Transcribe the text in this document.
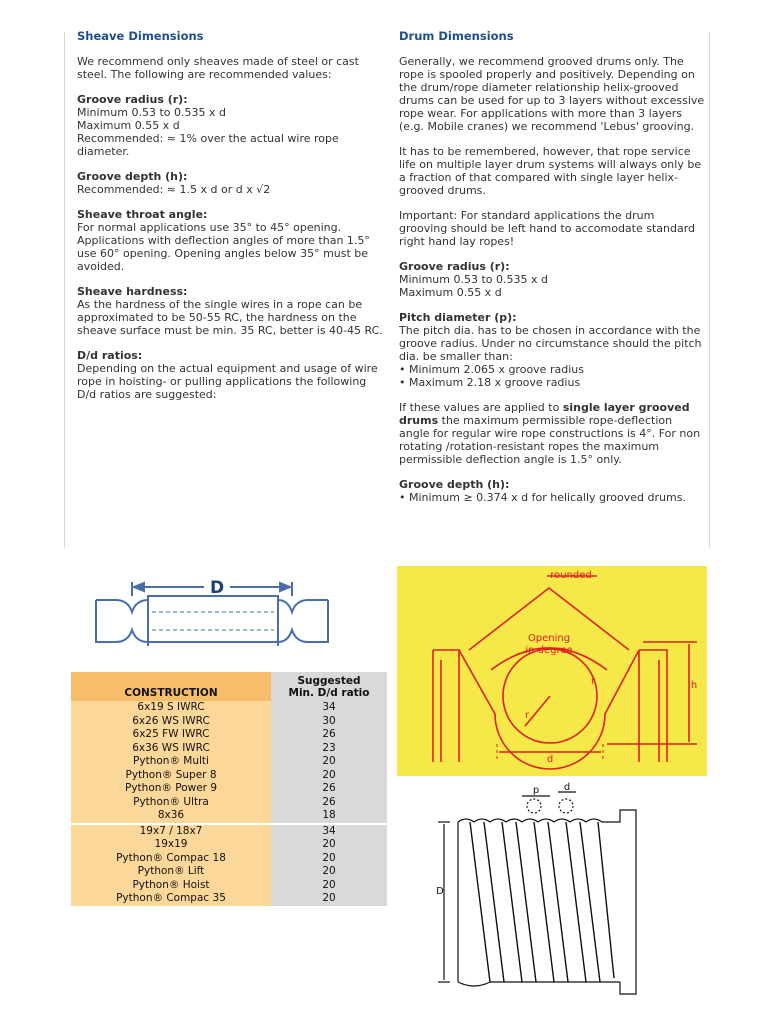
Sheave Dimensions

We recommend only sheaves made of steel or cast steel. The following are recommended values:

Groove radius (r):
Minimum 0.53 to 0.535 x d
Maximum 0.55 x d
Recommended: ≈ 1% over the actual wire rope diameter.

Groove depth (h):
Recommended: ≈ 1.5 x d or d x √2

Sheave throat angle:
For normal applications use 35° to 45° opening. Applications with deflection angles of more than 1.5° use 60° opening. Opening angles below 35° must be avoided.

Sheave hardness:
As the hardness of the single wires in a rope can be approximated to be 50-55 RC, the hardness on the sheave surface must be min. 35 RC, better is 40-45 RC.

D/d ratios:
Depending on the actual equipment and usage of wire rope in hoisting- or pulling applications the following D/d ratios are suggested:

Drum Dimensions

Generally, we recommend grooved drums only. The rope is spooled properly and positively. Depending on the drum/rope diameter relationship helix-grooved drums can be used for up to 3 layers without excessive rope wear. For applications with more than 3 layers (e.g. Mobile cranes) we recommend 'Lebus' grooving.

It has to be remembered, however, that rope service life on multiple layer drum systems will always only be a fraction of that compared with single layer helix-grooved drums.

Important: For standard applications the drum grooving should be left hand to accomodate standard right hand lay ropes!

Groove radius (r):
Minimum 0.53 to 0.535 x d
Maximum 0.55 x d

Pitch diameter (p):
The pitch dia. has to be chosen in accordance with the groove radius. Under no circumstance should the pitch dia. be smaller than:
• Minimum 2.065 x groove radius
• Maximum 2.18 x groove radius

If these values are applied to single layer grooved drums the maximum permissible rope-deflection angle for regular wire rope constructions is 4°. For non rotating /rotation-resistant ropes the maximum permissible deflection angle is 1.5° only.

Groove depth (h):
• Minimum ≥ 0.374 x d for helically grooved drums.

D
CONSTRUCTION	Suggested
Min. D/d ratio
6x19 S IWRC	34
6x26 WS IWRC	30
6x25 FW IWRC	26
6x36 WS IWRC	23
Python® Multi	20
Python® Super 8	20
Python® Power 9	26
Python® Ultra	26
8x36	18
19x7 / 18x7	34
19x19	20
Python® Compac 18	20
Python® Lift	20
Python® Hoist	20
Python® Compac 35	20
rounded
Opening
in degree
h
r
r
d
p d
D
